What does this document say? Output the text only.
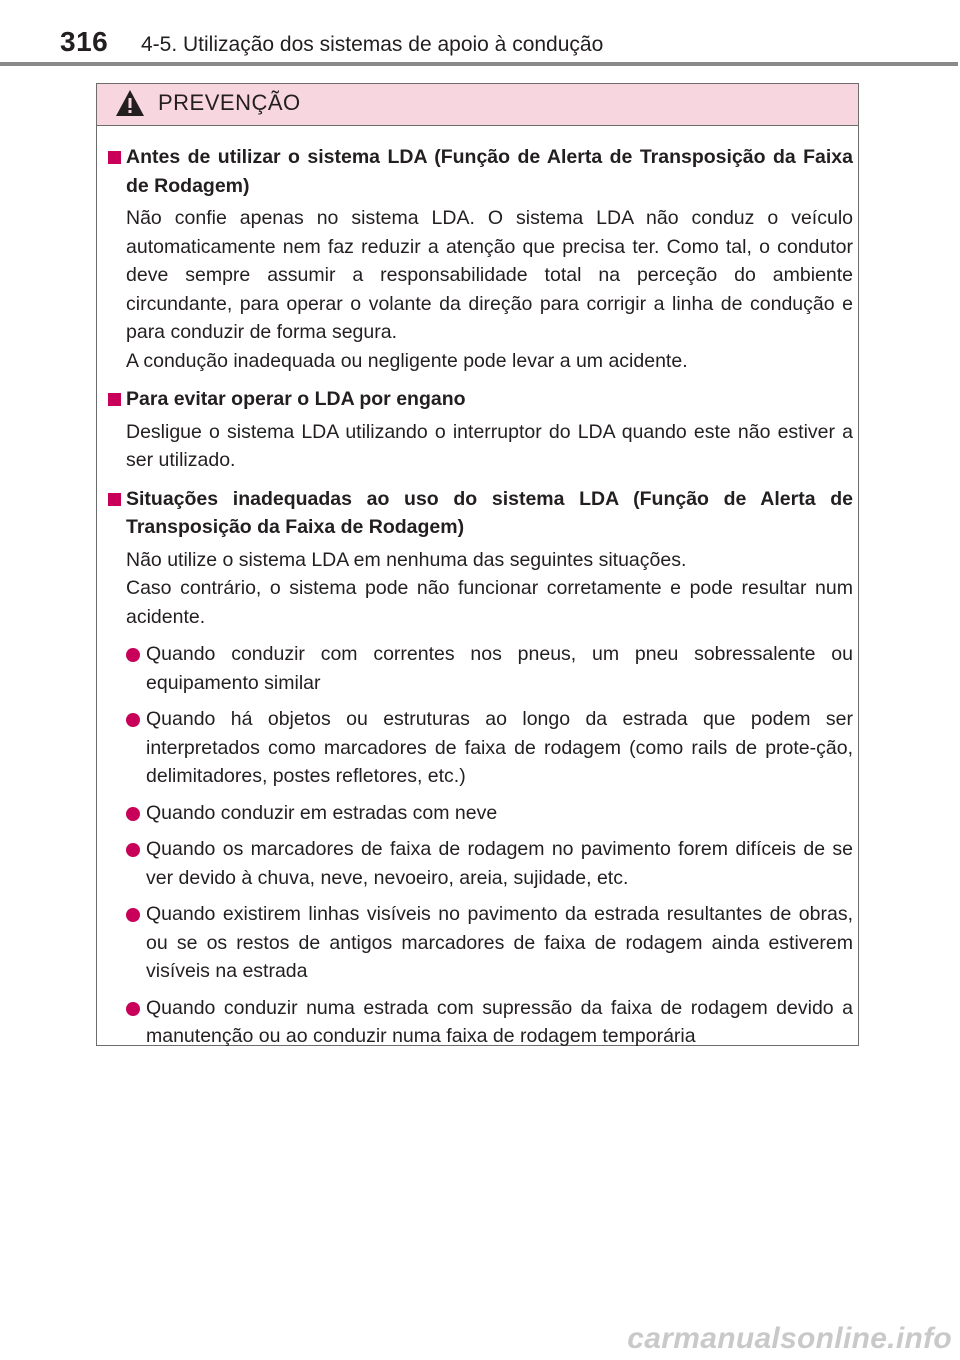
316 4-5. Utilização dos sistemas de apoio à condução
PREVENÇÃO
Antes de utilizar o sistema LDA (Função de Alerta de Transposição da Faixa de Rodagem)
Não confie apenas no sistema LDA. O sistema LDA não conduz o veículo automaticamente nem faz reduzir a atenção que precisa ter. Como tal, o condutor deve sempre assumir a responsabilidade total na perceção do ambiente circundante, para operar o volante da direção para corrigir a linha de condução e para conduzir de forma segura.
A condução inadequada ou negligente pode levar a um acidente.
Para evitar operar o LDA por engano
Desligue o sistema LDA utilizando o interruptor do LDA quando este não estiver a ser utilizado.
Situações inadequadas ao uso do sistema LDA (Função de Alerta de Transposição da Faixa de Rodagem)
Não utilize o sistema LDA em nenhuma das seguintes situações.
Caso contrário, o sistema pode não funcionar corretamente e pode resultar num acidente.
Quando conduzir com correntes nos pneus, um pneu sobressalente ou equipamento similar
Quando há objetos ou estruturas ao longo da estrada que podem ser interpretados como marcadores de faixa de rodagem (como rails de prote-ção, delimitadores, postes refletores, etc.)
Quando conduzir em estradas com neve
Quando os marcadores de faixa de rodagem no pavimento forem difíceis de se ver devido à chuva, neve, nevoeiro, areia, sujidade, etc.
Quando existirem linhas visíveis no pavimento da estrada resultantes de obras, ou se os restos de antigos marcadores de faixa de rodagem ainda estiverem visíveis na estrada
Quando conduzir numa estrada com supressão da faixa de rodagem devido a manutenção ou ao conduzir numa faixa de rodagem temporária
carmanualsonline.info
